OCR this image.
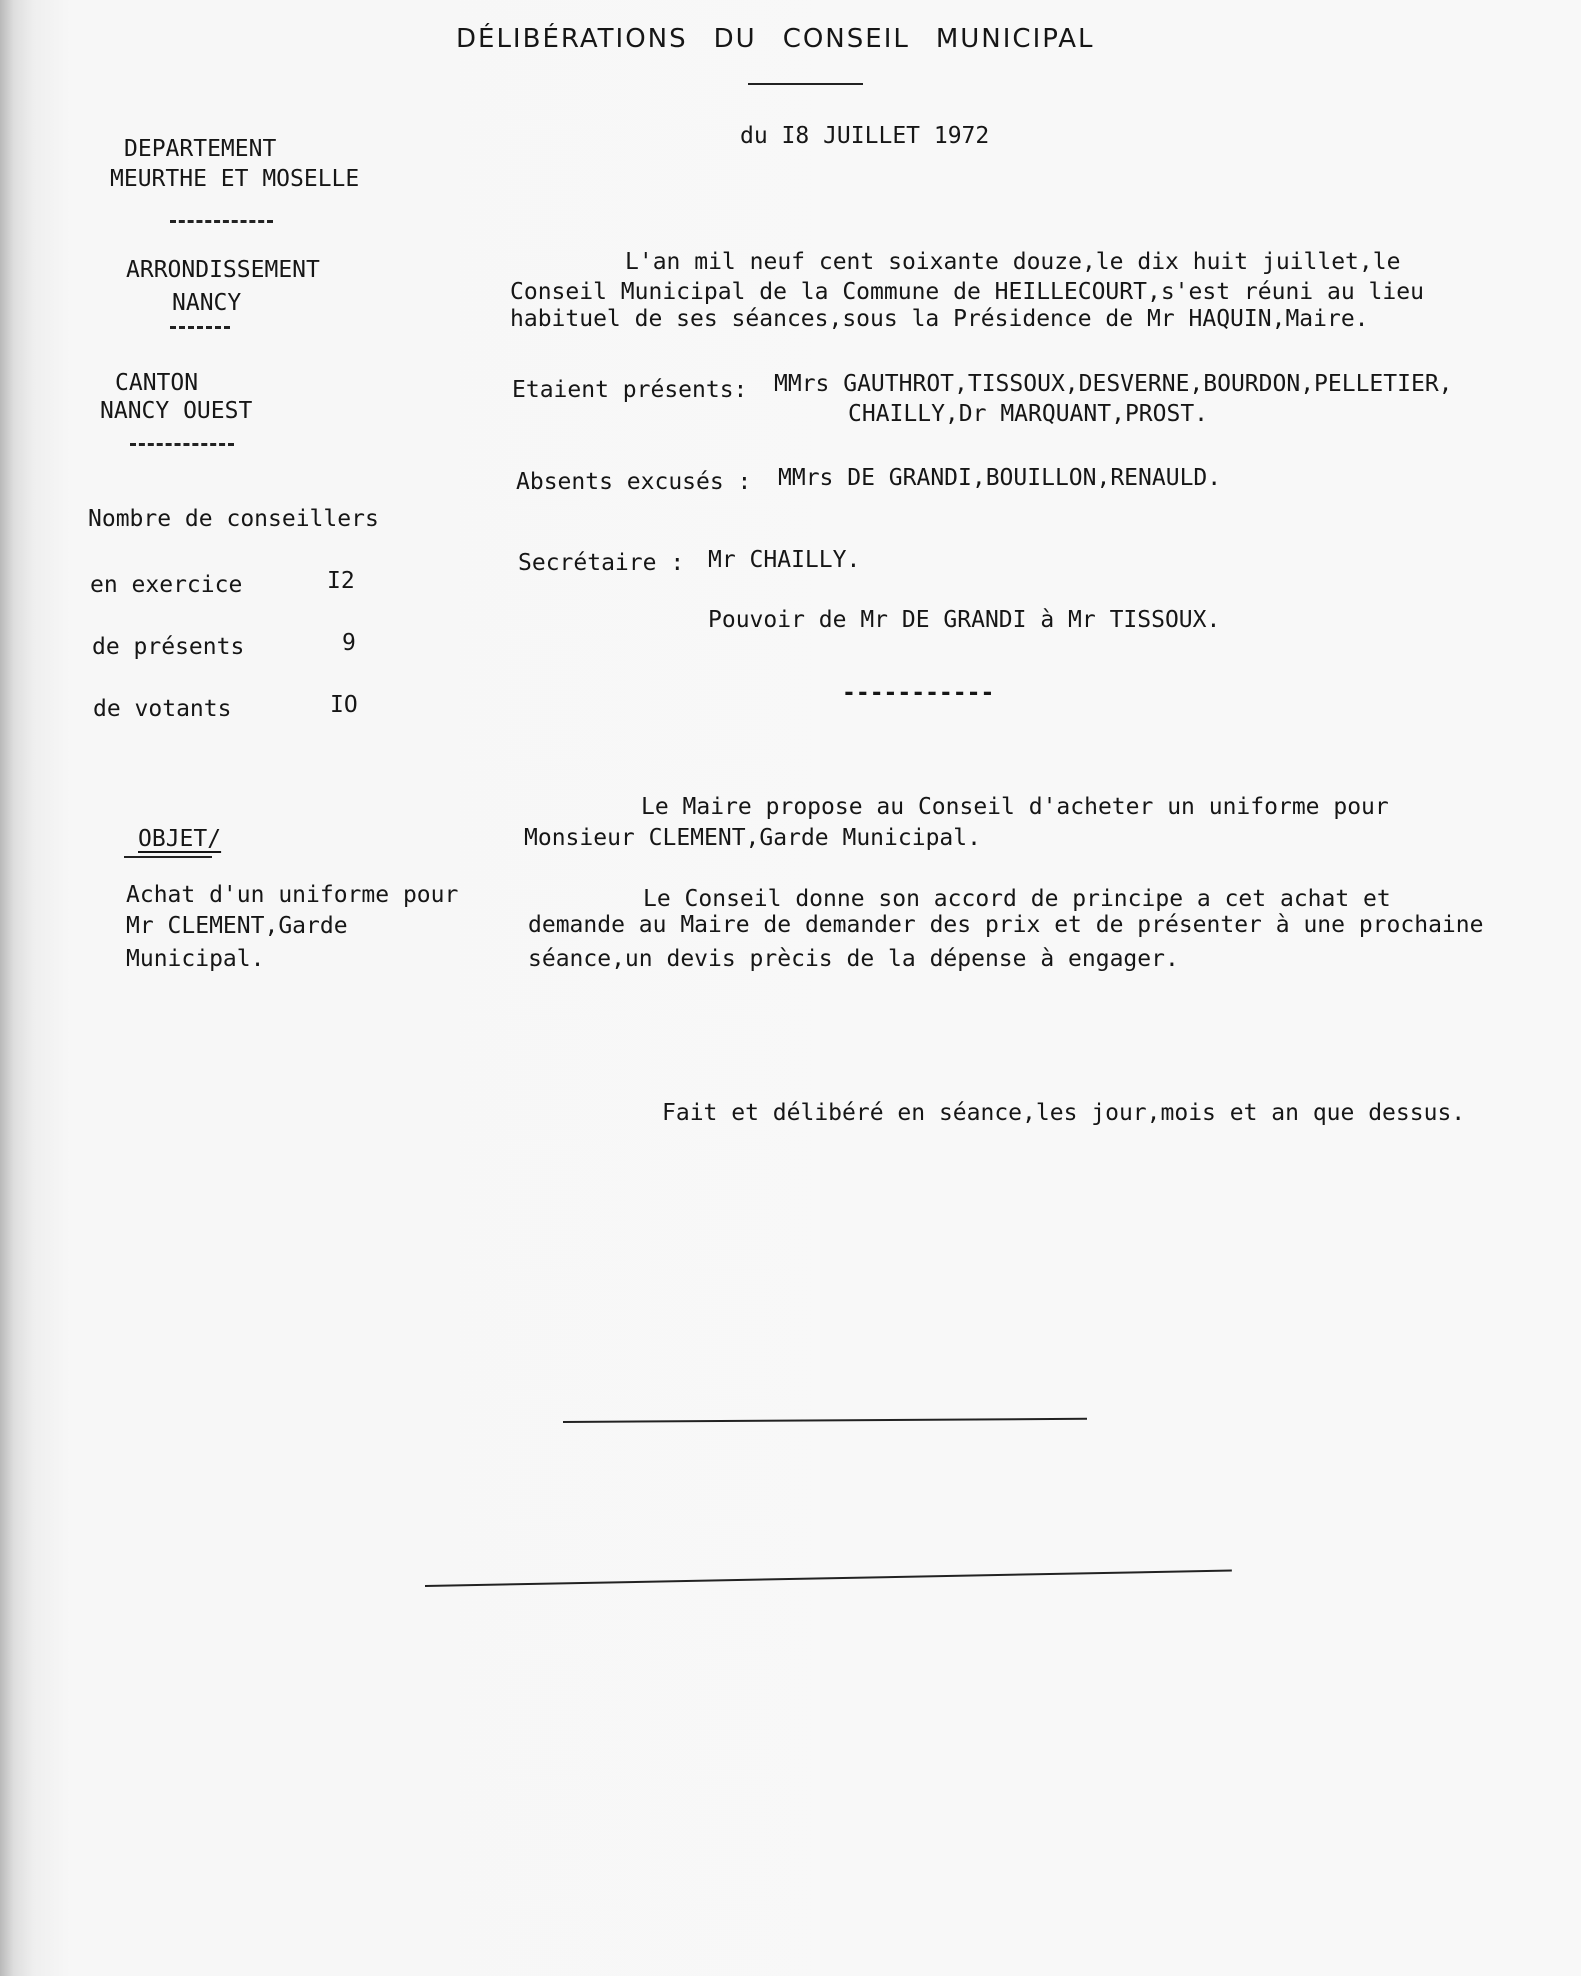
DÉLIBÉRATIONS DU CONSEIL MUNICIPAL
du I8 JUILLET 1972
DEPARTEMENT
MEURTHE ET MOSELLE
ARRONDISSEMENT
NANCY
CANTON
NANCY OUEST
Nombre de conseillers
en exercice	I2
de présents	9
de votants	IO
OBJET/
Achat d'un uniforme pour
Mr CLEMENT,Garde
Municipal.
L'an mil neuf cent soixante douze,le dix huit juillet,le
Conseil Municipal de la Commune de HEILLECOURT,s'est réuni au lieu
habituel de ses séances,sous la Présidence de Mr HAQUIN,Maire.
Etaient présents: MMrs GAUTHROT,TISSOUX,DESVERNE,BOURDON,PELLETIER,
CHAILLY,Dr MARQUANT,PROST.
Absents excusés : MMrs DE GRANDI,BOUILLON,RENAULD.
Secrétaire : Mr CHAILLY.
Pouvoir de Mr DE GRANDI à Mr TISSOUX.
-----------
Le Maire propose au Conseil d'acheter un uniforme pour
Monsieur CLEMENT,Garde Municipal.
Le Conseil donne son accord de principe a cet achat et
demande au Maire de demander des prix et de présenter à une prochaine
séance,un devis prècis de la dépense à engager.
Fait et délibéré en séance,les jour,mois et an que dessus.
